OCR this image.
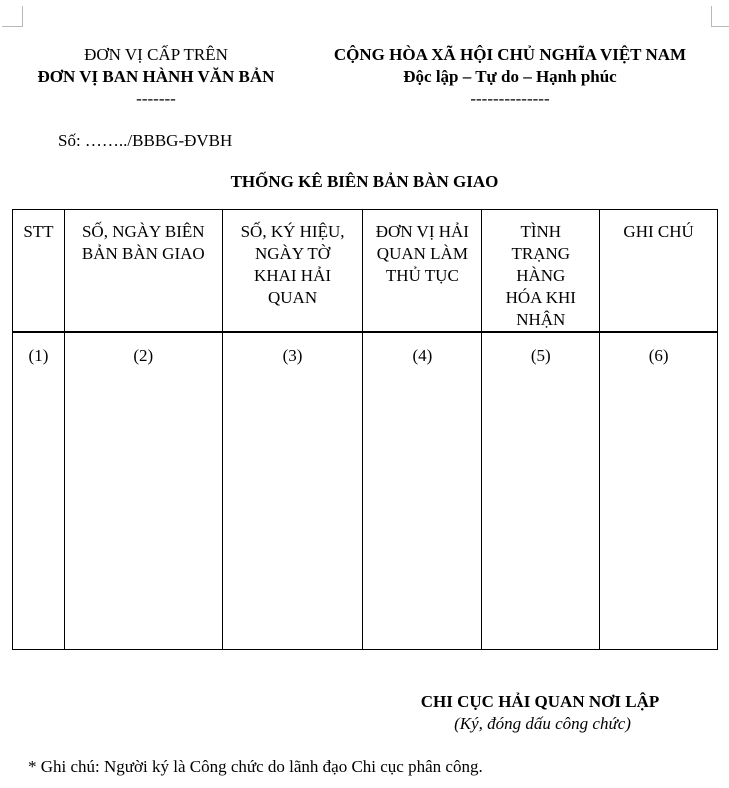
ĐƠN VỊ CẤP TRÊN
ĐƠN VỊ BAN HÀNH VĂN BẢN
-------
CỘNG HÒA XÃ HỘI CHỦ NGHĨA VIỆT NAM
Độc lập – Tự do – Hạnh phúc
--------------
Số: ……../BBBG-ĐVBH
THỐNG KÊ BIÊN BẢN BÀN GIAO
STT	SỐ, NGÀY BIÊN BẢN BÀN GIAO	SỐ, KÝ HIỆU, NGÀY TỜ KHAI HẢI QUAN	ĐƠN VỊ HẢI QUAN LÀM THỦ TỤC	TÌNH TRẠNG HÀNG HÓA KHI NHẬN	GHI CHÚ
(1)	(2)	(3)	(4)	(5)	(6)
CHI CỤC HẢI QUAN NƠI LẬP
(Ký, đóng dấu công chức)
* Ghi chú: Người ký là Công chức do lãnh đạo Chi cục phân công.
